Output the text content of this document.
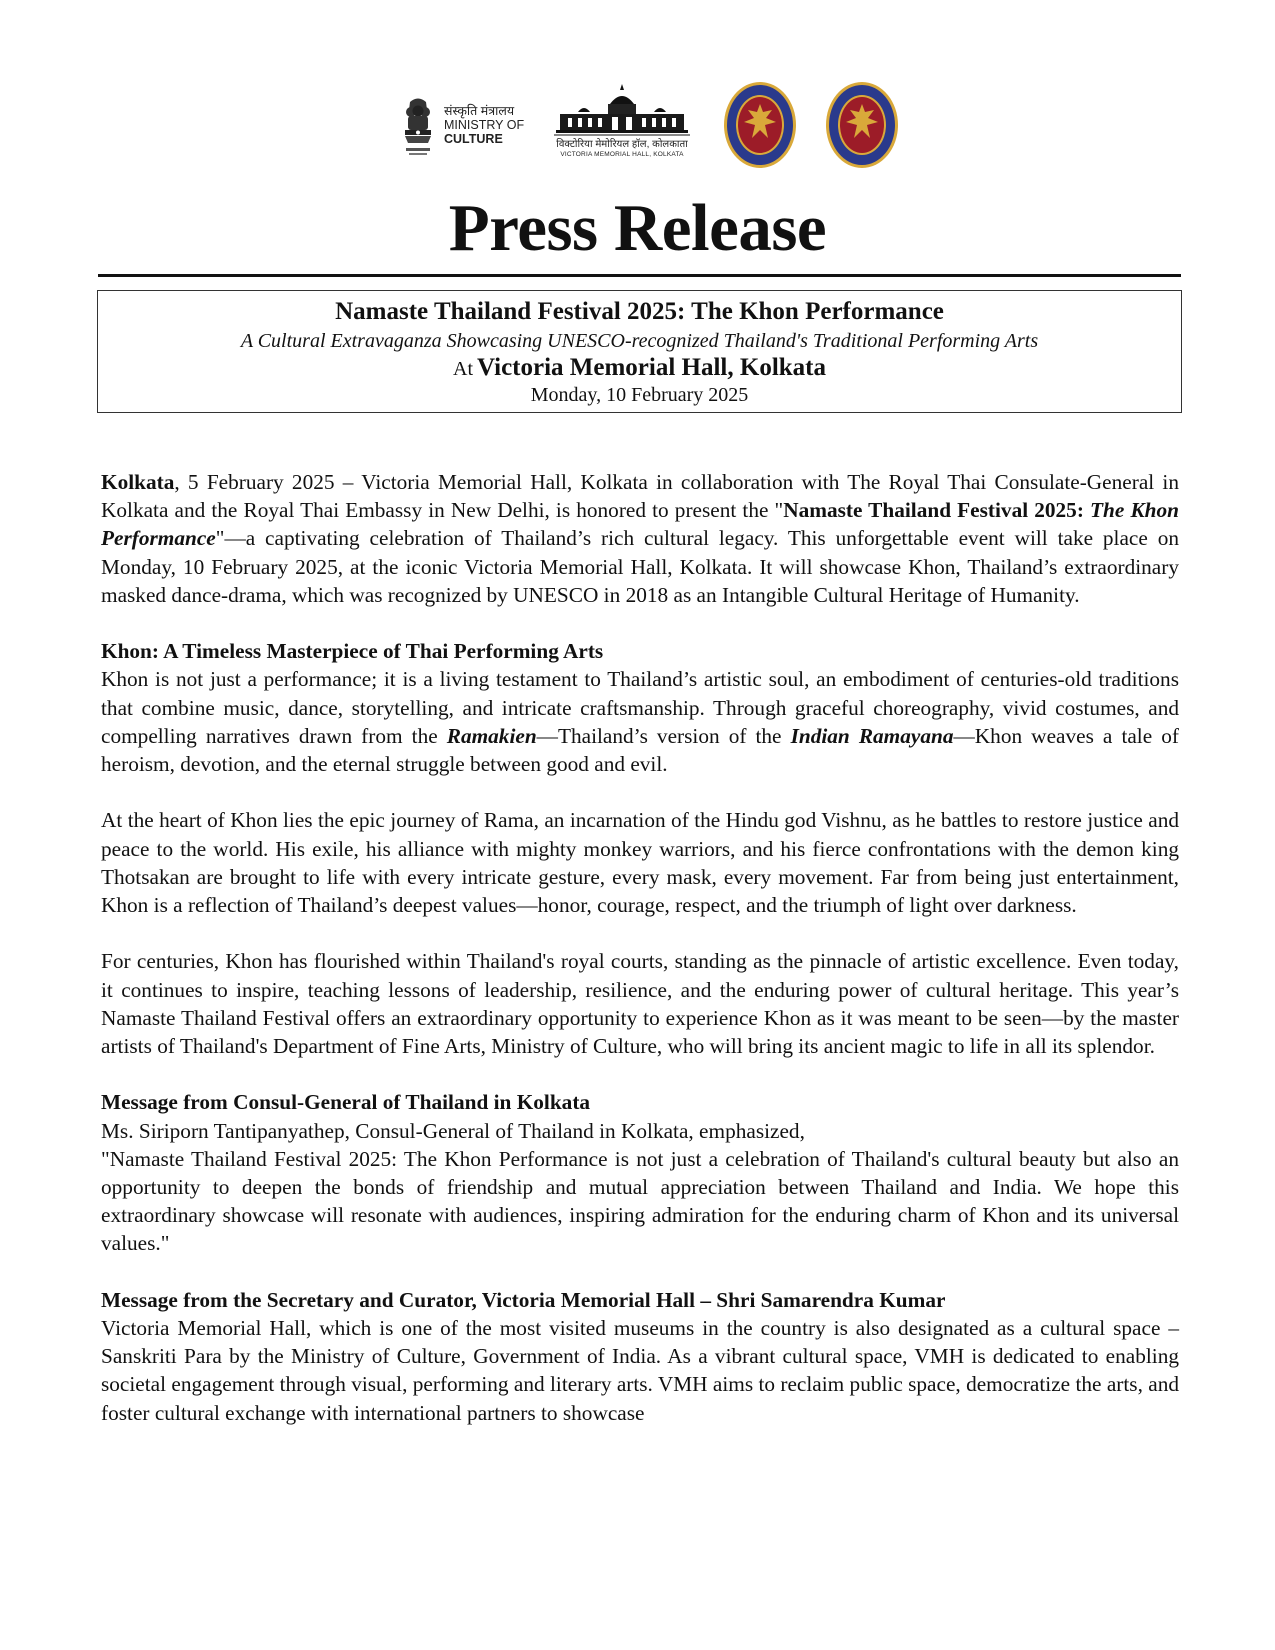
संस्कृति मंत्रालय
MINISTRY OF
CULTURE	विक्टोरिया मेमोरियल हॉल, कोलकाता
VICTORIA MEMORIAL HALL, KOLKATA
Press Release
Namaste Thailand Festival 2025: The Khon Performance
A Cultural Extravaganza Showcasing UNESCO-recognized Thailand's Traditional Performing Arts
At Victoria Memorial Hall, Kolkata
Monday, 10 February 2025

Kolkata, 5 February 2025 – Victoria Memorial Hall, Kolkata in collaboration with The Royal Thai Consulate-General in Kolkata and the Royal Thai Embassy in New Delhi, is honored to present the "Namaste Thailand Festival 2025: The Khon Performance"—a captivating celebration of Thailand’s rich cultural legacy. This unforgettable event will take place on Monday, 10 February 2025, at the iconic Victoria Memorial Hall, Kolkata. It will showcase Khon, Thailand’s extraordinary masked dance-drama, which was recognized by UNESCO in 2018 as an Intangible Cultural Heritage of Humanity.

Khon: A Timeless Masterpiece of Thai Performing Arts

Khon is not just a performance; it is a living testament to Thailand’s artistic soul, an embodiment of centuries-old traditions that combine music, dance, storytelling, and intricate craftsmanship. Through graceful choreography, vivid costumes, and compelling narratives drawn from the Ramakien—Thailand’s version of the Indian Ramayana—Khon weaves a tale of heroism, devotion, and the eternal struggle between good and evil.

At the heart of Khon lies the epic journey of Rama, an incarnation of the Hindu god Vishnu, as he battles to restore justice and peace to the world. His exile, his alliance with mighty monkey warriors, and his fierce confrontations with the demon king Thotsakan are brought to life with every intricate gesture, every mask, every movement. Far from being just entertainment, Khon is a reflection of Thailand’s deepest values—honor, courage, respect, and the triumph of light over darkness.

For centuries, Khon has flourished within Thailand's royal courts, standing as the pinnacle of artistic excellence. Even today, it continues to inspire, teaching lessons of leadership, resilience, and the enduring power of cultural heritage. This year’s Namaste Thailand Festival offers an extraordinary opportunity to experience Khon as it was meant to be seen—by the master artists of Thailand's Department of Fine Arts, Ministry of Culture, who will bring its ancient magic to life in all its splendor.

Message from Consul-General of Thailand in Kolkata

Ms. Siriporn Tantipanyathep, Consul-General of Thailand in Kolkata, emphasized,

"Namaste Thailand Festival 2025: The Khon Performance is not just a celebration of Thailand's cultural beauty but also an opportunity to deepen the bonds of friendship and mutual appreciation between Thailand and India. We hope this extraordinary showcase will resonate with audiences, inspiring admiration for the enduring charm of Khon and its universal values."

Message from the Secretary and Curator, Victoria Memorial Hall – Shri Samarendra Kumar

Victoria Memorial Hall, which is one of the most visited museums in the country is also designated as a cultural space – Sanskriti Para by the Ministry of Culture, Government of India. As a vibrant cultural space, VMH is dedicated to enabling societal engagement through visual, performing and literary arts. VMH aims to reclaim public space, democratize the arts, and foster cultural exchange with international partners to showcase
